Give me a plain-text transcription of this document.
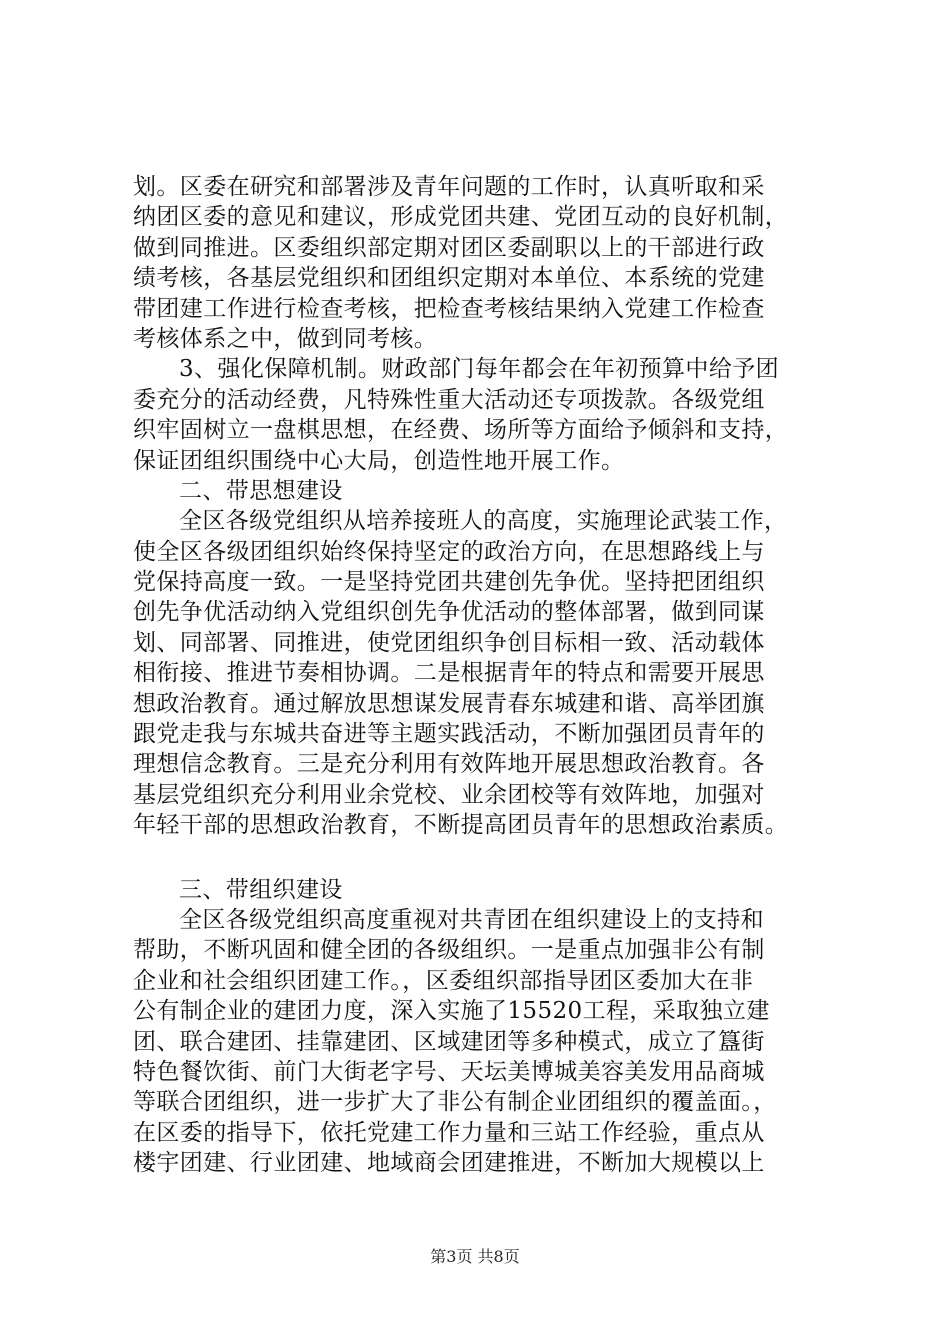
划。区委在研究和部署涉及青年问题的工作时，认真听取和采
纳团区委的意见和建议，形成党团共建、党团互动的良好机制，
做到同推进。区委组织部定期对团区委副职以上的干部进行政
绩考核，各基层党组织和团组织定期对本单位、本系统的党建
带团建工作进行检查考核，把检查考核结果纳入党建工作检查
考核体系之中，做到同考核。
3、强化保障机制。财政部门每年都会在年初预算中给予团
委充分的活动经费，凡特殊性重大活动还专项拨款。各级党组
织牢固树立一盘棋思想，在经费、场所等方面给予倾斜和支持，
保证团组织围绕中心大局，创造性地开展工作。
二、带思想建设
全区各级党组织从培养接班人的高度，实施理论武装工作，
使全区各级团组织始终保持坚定的政治方向，在思想路线上与
党保持高度一致。一是坚持党团共建创先争优。坚持把团组织
创先争优活动纳入党组织创先争优活动的整体部署，做到同谋
划、同部署、同推进，使党团组织争创目标相一致、活动载体
相衔接、推进节奏相协调。二是根据青年的特点和需要开展思
想政治教育。通过解放思想谋发展青春东城建和谐、高举团旗
跟党走我与东城共奋进等主题实践活动，不断加强团员青年的
理想信念教育。三是充分利用有效阵地开展思想政治教育。各
基层党组织充分利用业余党校、业余团校等有效阵地，加强对
年轻干部的思想政治教育，不断提高团员青年的思想政治素质。
三、带组织建设
全区各级党组织高度重视对共青团在组织建设上的支持和
帮助，不断巩固和健全团的各级组织。一是重点加强非公有制
企业和社会组织团建工作。，区委组织部指导团区委加大在非
公有制企业的建团力度，深入实施了15520工程，采取独立建
团、联合建团、挂靠建团、区域建团等多种模式，成立了簋街
特色餐饮街、前门大街老字号、天坛美博城美容美发用品商城
等联合团组织，进一步扩大了非公有制企业团组织的覆盖面。，
在区委的指导下，依托党建工作力量和三站工作经验，重点从
楼宇团建、行业团建、地域商会团建推进，不断加大规模以上
第3页 共8页
